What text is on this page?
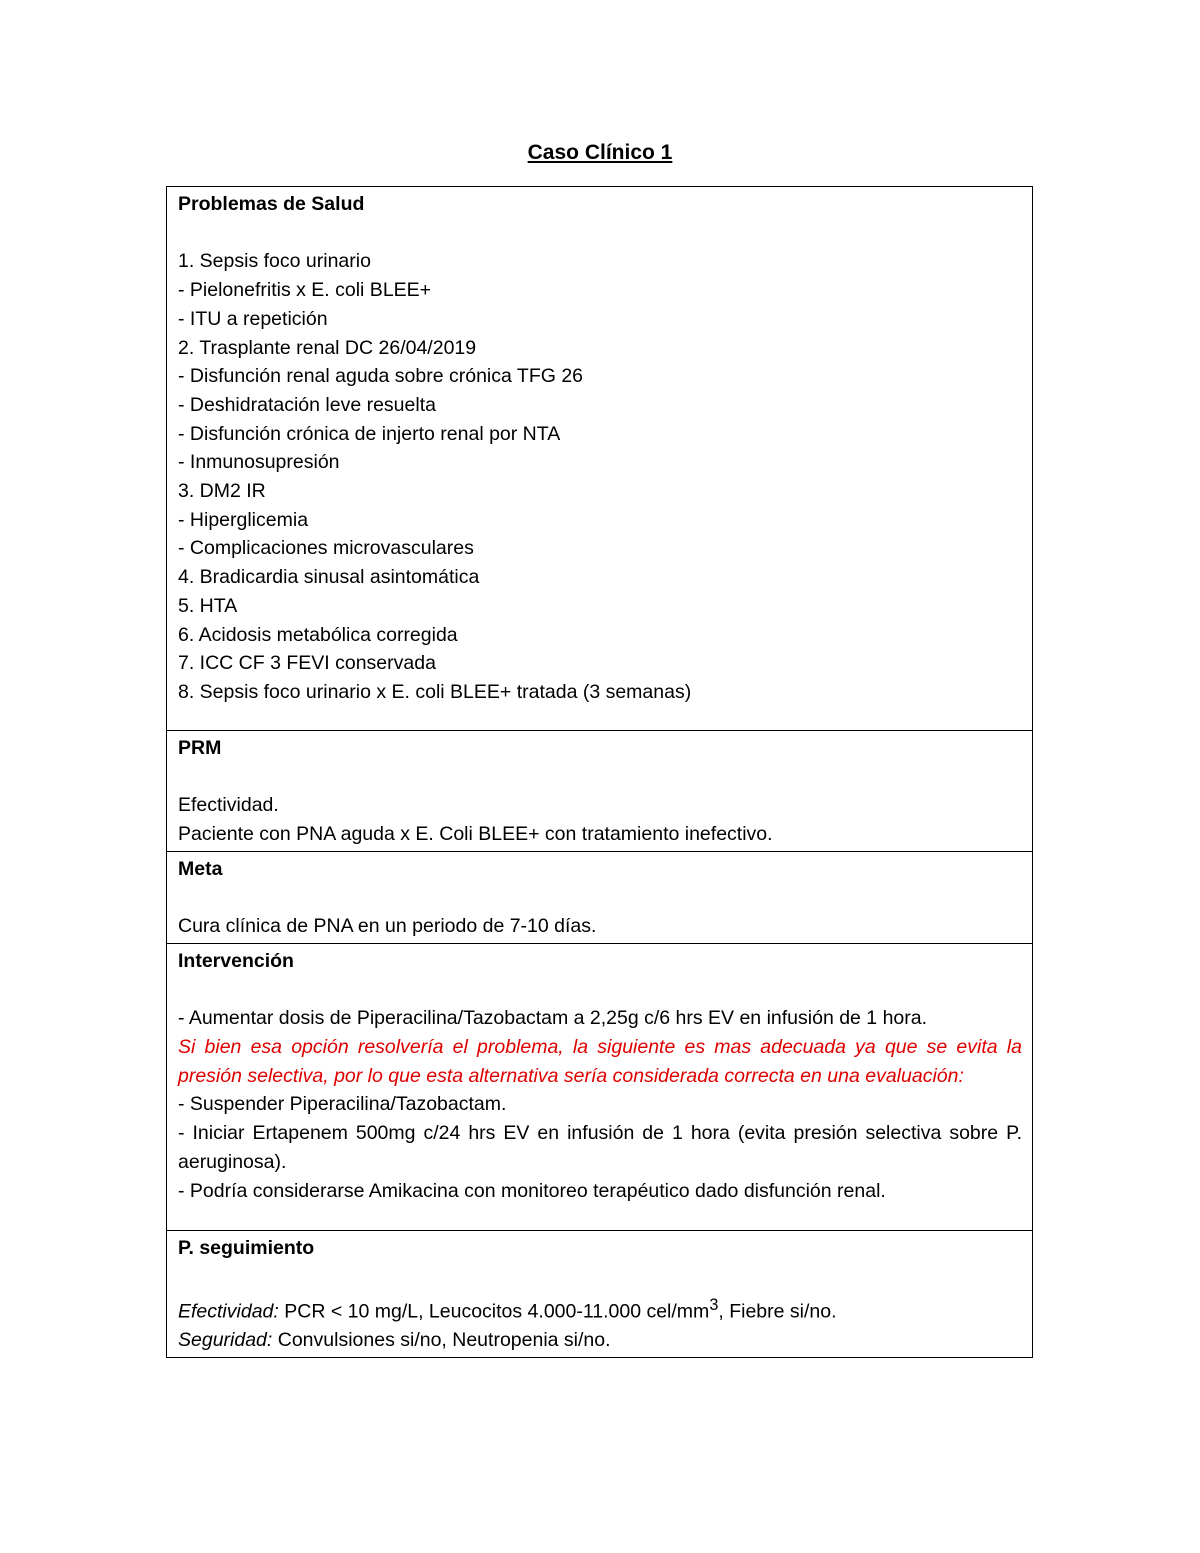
Caso Clínico 1
Problemas de Salud
1. Sepsis foco urinario
- Pielonefritis x E. coli BLEE+
- ITU a repetición
2. Trasplante renal DC 26/04/2019
- Disfunción renal aguda sobre crónica TFG 26
- Deshidratación leve resuelta
- Disfunción crónica de injerto renal por NTA
- Inmunosupresión
3. DM2 IR
- Hiperglicemia
- Complicaciones microvasculares
4. Bradicardia sinusal asintomática
5. HTA
6. Acidosis metabólica corregida
7. ICC CF 3 FEVI conservada
8. Sepsis foco urinario x E. coli BLEE+ tratada (3 semanas)

PRM
Efectividad.
Paciente con PNA aguda x E. Coli BLEE+ con tratamiento inefectivo.

Meta
Cura clínica de PNA en un periodo de 7-10 días.

Intervención
- Aumentar dosis de Piperacilina/Tazobactam a 2,25g c/6 hrs EV en infusión de 1 hora.
Si bien esa opción resolvería el problema, la siguiente es mas adecuada ya que se evita la presión selectiva, por lo que esta alternativa sería considerada correcta en una evaluación:
- Suspender Piperacilina/Tazobactam.
- Iniciar Ertapenem 500mg c/24 hrs EV en infusión de 1 hora (evita presión selectiva sobre P. aeruginosa).
- Podría considerarse Amikacina con monitoreo terapéutico dado disfunción renal.

P. seguimiento
Efectividad: PCR < 10 mg/L, Leucocitos 4.000-11.000 cel/$mm^3$, Fiebre si/no.
Seguridad: Convulsiones si/no, Neutropenia si/no.
